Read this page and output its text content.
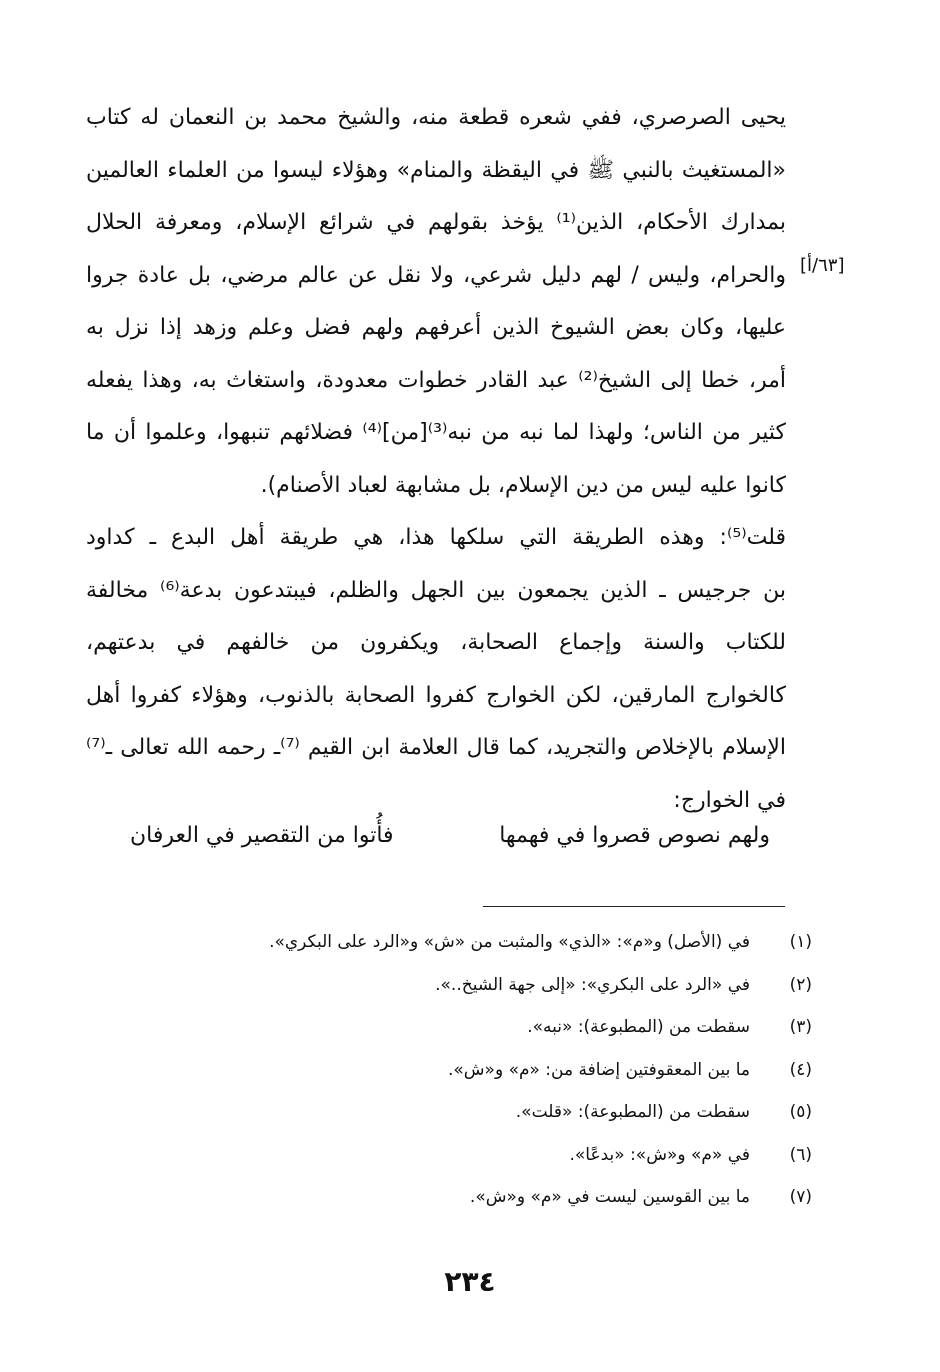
يحيى الصرصري، ففي شعره قطعة منه، والشيخ محمد بن النعمان له كتاب
«المستغيث بالنبي ﷺ في اليقظة والمنام» وهؤلاء ليسوا من العلماء العالمين
بمدارك الأحكام، الذين⁽¹⁾ يؤخذ بقولهم في شرائع الإسلام، ومعرفة الحلال
والحرام، وليس / لهم دليل شرعي، ولا نقل عن عالم مرضي، بل عادة جروا
عليها، وكان بعض الشيوخ الذين أعرفهم ولهم فضل وعلم وزهد إذا نزل به
أمر، خطا إلى الشيخ⁽²⁾ عبد القادر خطوات معدودة، واستغاث به، وهذا يفعله
كثير من الناس؛ ولهذا لما نبه من نبه⁽³⁾[من]⁽⁴⁾ فضلائهم تنبهوا، وعلموا أن ما
كانوا عليه ليس من دين الإسلام، بل مشابهة لعباد الأصنام).
قلت⁽⁵⁾: وهذه الطريقة التي سلكها هذا، هي طريقة أهل البدع ـ كداود
بن جرجيس ـ الذين يجمعون بين الجهل والظلم، فيبتدعون بدعة⁽⁶⁾ مخالفة
للكتاب والسنة وإجماع الصحابة، ويكفرون من خالفهم في بدعتهم،
كالخوارج المارقين، لكن الخوارج كفروا الصحابة بالذنوب، وهؤلاء كفروا أهل
الإسلام بالإخلاص والتجريد، كما قال العلامة ابن القيم ⁽⁷⁾ـ رحمه الله تعالى ـ⁽⁷⁾
في الخوارج:
[٦٣/أ]
ولهم نصوص قصروا في فهمها
فأُتوا من التقصير في العرفان
(١)
في (الأصل) و«م»: «الذي» والمثبت من «ش» و«الرد على البكري».
(٢)
في «الرد على البكري»: «إلى جهة الشيخ..».
(٣)
سقطت من (المطبوعة): «نبه».
(٤)
ما بين المعقوفتين إضافة من: «م» و«ش».
(٥)
سقطت من (المطبوعة): «قلت».
(٦)
في «م» و«ش»: «بدعًا».
(٧)
ما بين القوسين ليست في «م» و«ش».
٢٣٤
